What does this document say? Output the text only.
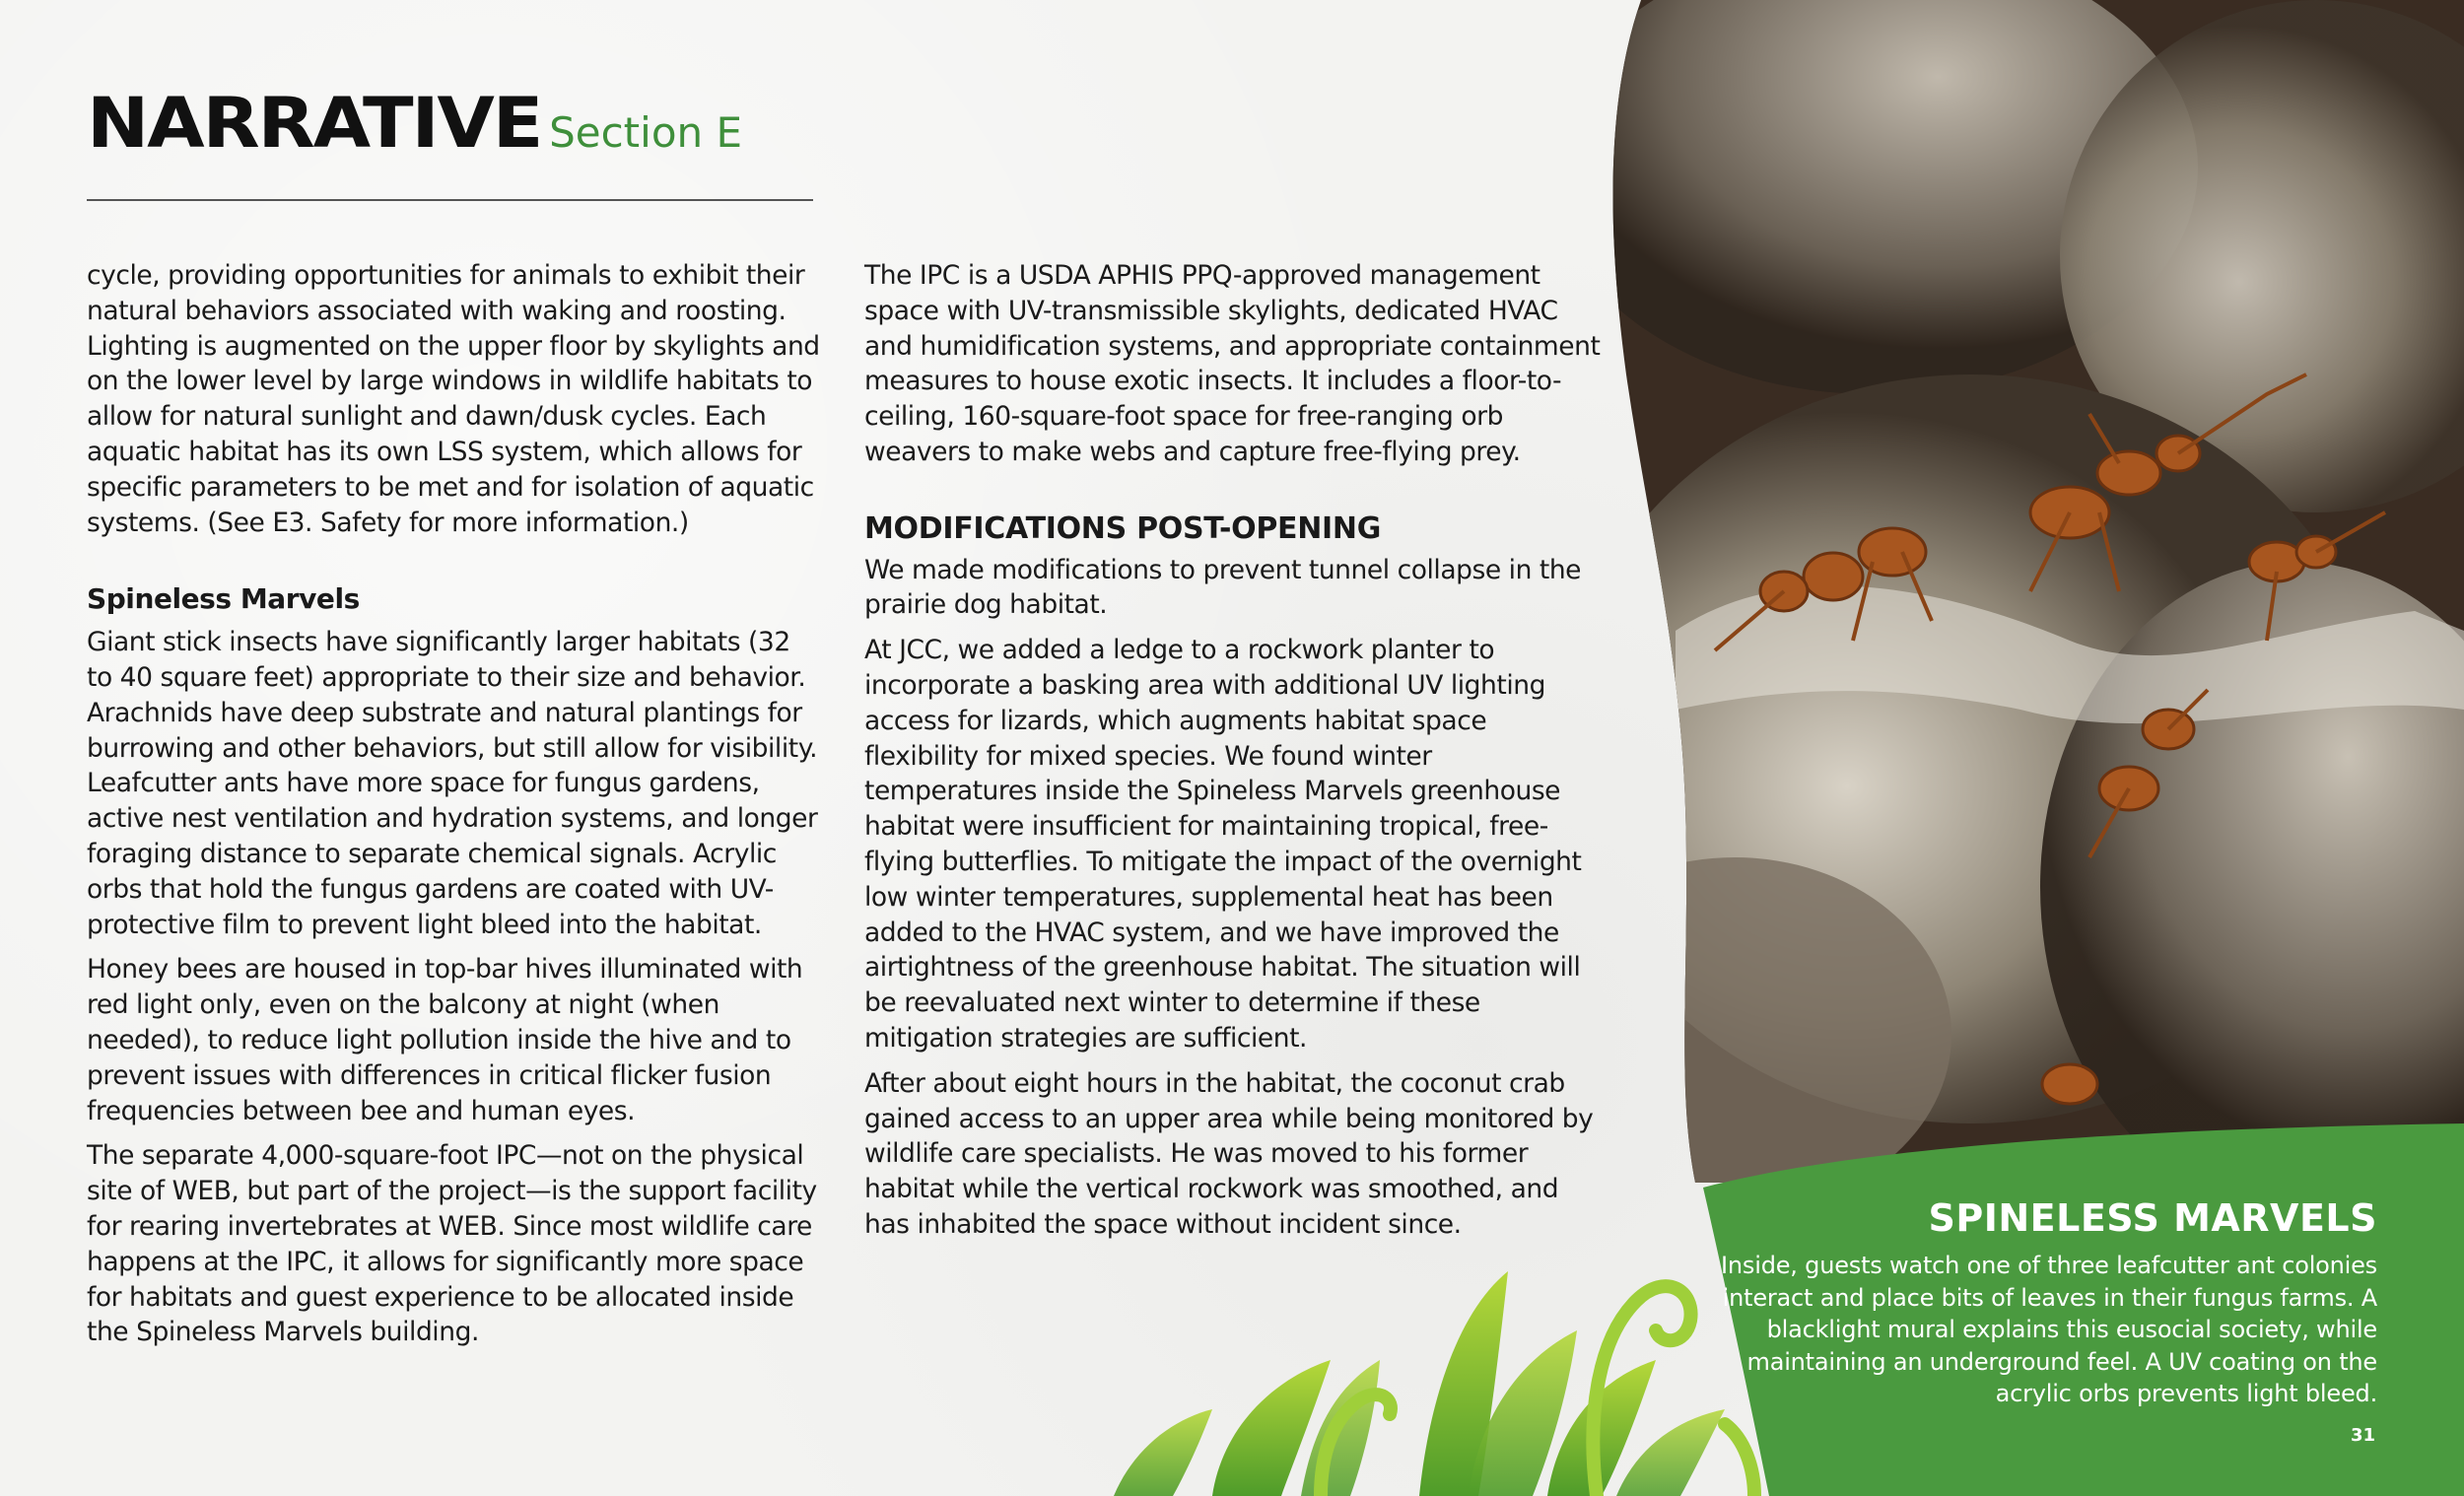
NARRATIVE Section E

cycle, providing opportunities for animals to exhibit their natural behaviors associated with waking and roosting. Lighting is augmented on the upper floor by skylights and on the lower level by large windows in wildlife habitats to allow for natural sunlight and dawn/dusk cycles. Each aquatic habitat has its own LSS system, which allows for specific parameters to be met and for isolation of aquatic systems. (See E3. Safety for more information.)

Spineless Marvels

Giant stick insects have significantly larger habitats (32 to 40 square feet) appropriate to their size and behavior. Arachnids have deep substrate and natural plantings for burrowing and other behaviors, but still allow for visibility. Leafcutter ants have more space for fungus gardens, active nest ventilation and hydration systems, and longer foraging distance to separate chemical signals. Acrylic orbs that hold the fungus gardens are coated with UV-protective film to prevent light bleed into the habitat.

Honey bees are housed in top-bar hives illuminated with red light only, even on the balcony at night (when needed), to reduce light pollution inside the hive and to prevent issues with differences in critical flicker fusion frequencies between bee and human eyes.

The separate 4,000-square-foot IPC—not on the physical site of WEB, but part of the project—is the support facility for rearing invertebrates at WEB. Since most wildlife care happens at the IPC, it allows for significantly more space for habitats and guest experience to be allocated inside the Spineless Marvels building.

The IPC is a USDA APHIS PPQ-approved management space with UV-transmissible skylights, dedicated HVAC and humidification systems, and appropriate containment measures to house exotic insects. It includes a floor-to-ceiling, 160-square-foot space for free-ranging orb weavers to make webs and capture free-flying prey.

MODIFICATIONS POST-OPENING

We made modifications to prevent tunnel collapse in the prairie dog habitat.

At JCC, we added a ledge to a rockwork planter to incorporate a basking area with additional UV lighting access for lizards, which augments habitat space flexibility for mixed species. We found winter temperatures inside the Spineless Marvels greenhouse habitat were insufficient for maintaining tropical, free-flying butterflies. To mitigate the impact of the overnight low winter temperatures, supplemental heat has been added to the HVAC system, and we have improved the airtightness of the greenhouse habitat. The situation will be reevaluated next winter to determine if these mitigation strategies are sufficient.

After about eight hours in the habitat, the coconut crab gained access to an upper area while being monitored by wildlife care specialists. He was moved to his former habitat while the vertical rockwork was smoothed, and has inhabited the space without incident since.	SPINELESS MARVELS
Inside, guests watch one of three leafcutter ant colonies interact and place bits of leaves in their fungus farms. A blacklight mural explains this eusocial society, while maintaining an underground feel. A UV coating on the acrylic orbs prevents light bleed.
31
